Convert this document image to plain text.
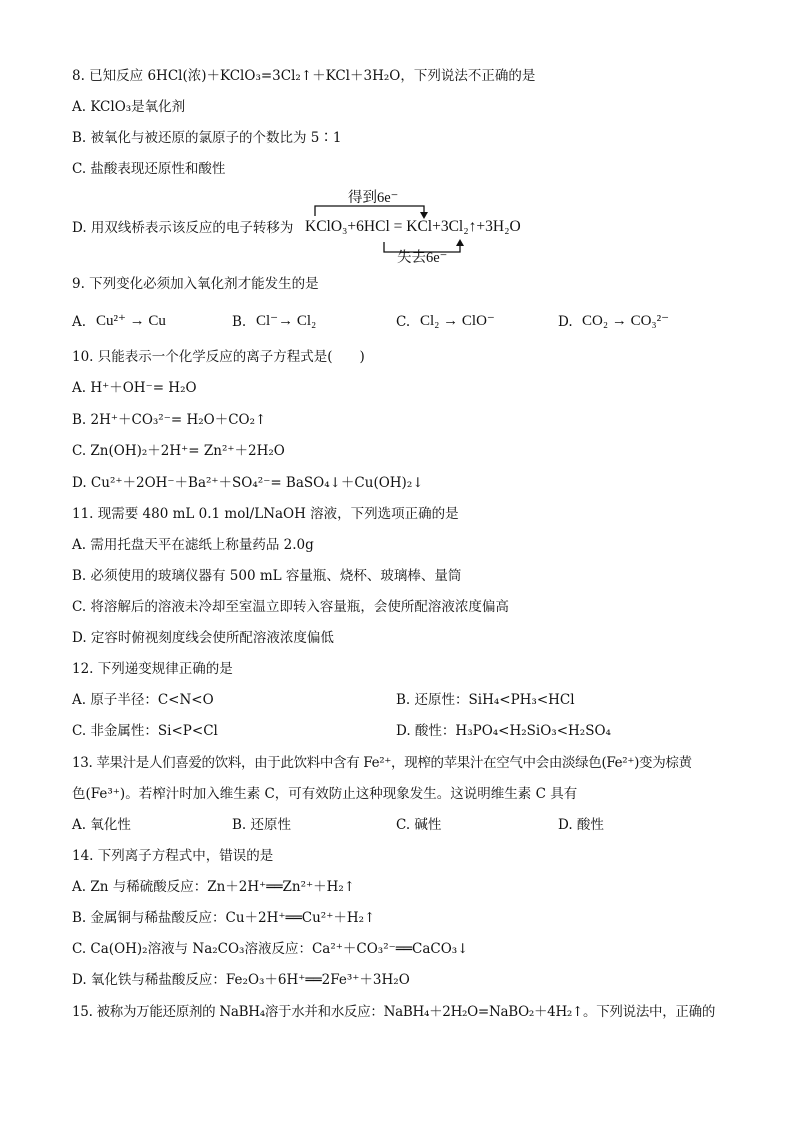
8. 已知反应 6HCl(浓)＋KClO₃=3Cl₂↑＋KCl＋3H₂O，下列说法不正确的是
A. KClO₃是氧化剂
B. 被氧化与被还原的氯原子的个数比为 5∶1
C. 盐酸表现还原性和酸性
得到6e⁻
D. 用双线桥表示该反应的电子转移为 KClO₃+6HCl = KCl+3Cl₂↑+3H₂O
失去6e⁻
9. 下列变化必须加入氧化剂才能发生的是
A. Cu²⁺ → Cu	B. Cl⁻→ Cl₂	C. Cl₂ → ClO⁻	D. CO₂ → CO₃²⁻
10. 只能表示一个化学反应的离子方程式是(　　)
A. H⁺＋OH⁻= H₂O
B. 2H⁺＋CO₃²⁻= H₂O＋CO₂↑
C. Zn(OH)₂＋2H⁺= Zn²⁺＋2H₂O
D. Cu²⁺＋2OH⁻＋Ba²⁺＋SO₄²⁻= BaSO₄↓＋Cu(OH)₂↓
11. 现需要 480 mL 0.1 mol/LNaOH 溶液，下列选项正确的是
A. 需用托盘天平在滤纸上称量药品 2.0g
B. 必须使用的玻璃仪器有 500 mL 容量瓶、烧杯、玻璃棒、量筒
C. 将溶解后的溶液未冷却至室温立即转入容量瓶，会使所配溶液浓度偏高
D. 定容时俯视刻度线会使所配溶液浓度偏低
12. 下列递变规律正确的是
A. 原子半径：C<N<O	B. 还原性：SiH₄<PH₃<HCl
C. 非金属性：Si<P<Cl	D. 酸性：H₃PO₄<H₂SiO₃<H₂SO₄
13. 苹果汁是人们喜爱的饮料，由于此饮料中含有 Fe²⁺，现榨的苹果汁在空气中会由淡绿色(Fe²⁺)变为棕黄
色(Fe³⁺)。若榨汁时加入维生素 C，可有效防止这种现象发生。这说明维生素 C 具有
A. 氧化性	B. 还原性	C. 碱性	D. 酸性
14. 下列离子方程式中，错误的是
A. Zn 与稀硫酸反应：Zn＋2H⁺══Zn²⁺＋H₂↑
B. 金属铜与稀盐酸反应：Cu＋2H⁺══Cu²⁺＋H₂↑
C. Ca(OH)₂溶液与 Na₂CO₃溶液反应：Ca²⁺＋CO₃²⁻══CaCO₃↓
D. 氧化铁与稀盐酸反应：Fe₂O₃＋6H⁺══2Fe³⁺＋3H₂O
15. 被称为万能还原剂的 NaBH₄溶于水并和水反应：NaBH₄＋2H₂O=NaBO₂＋4H₂↑。下列说法中，正确的
